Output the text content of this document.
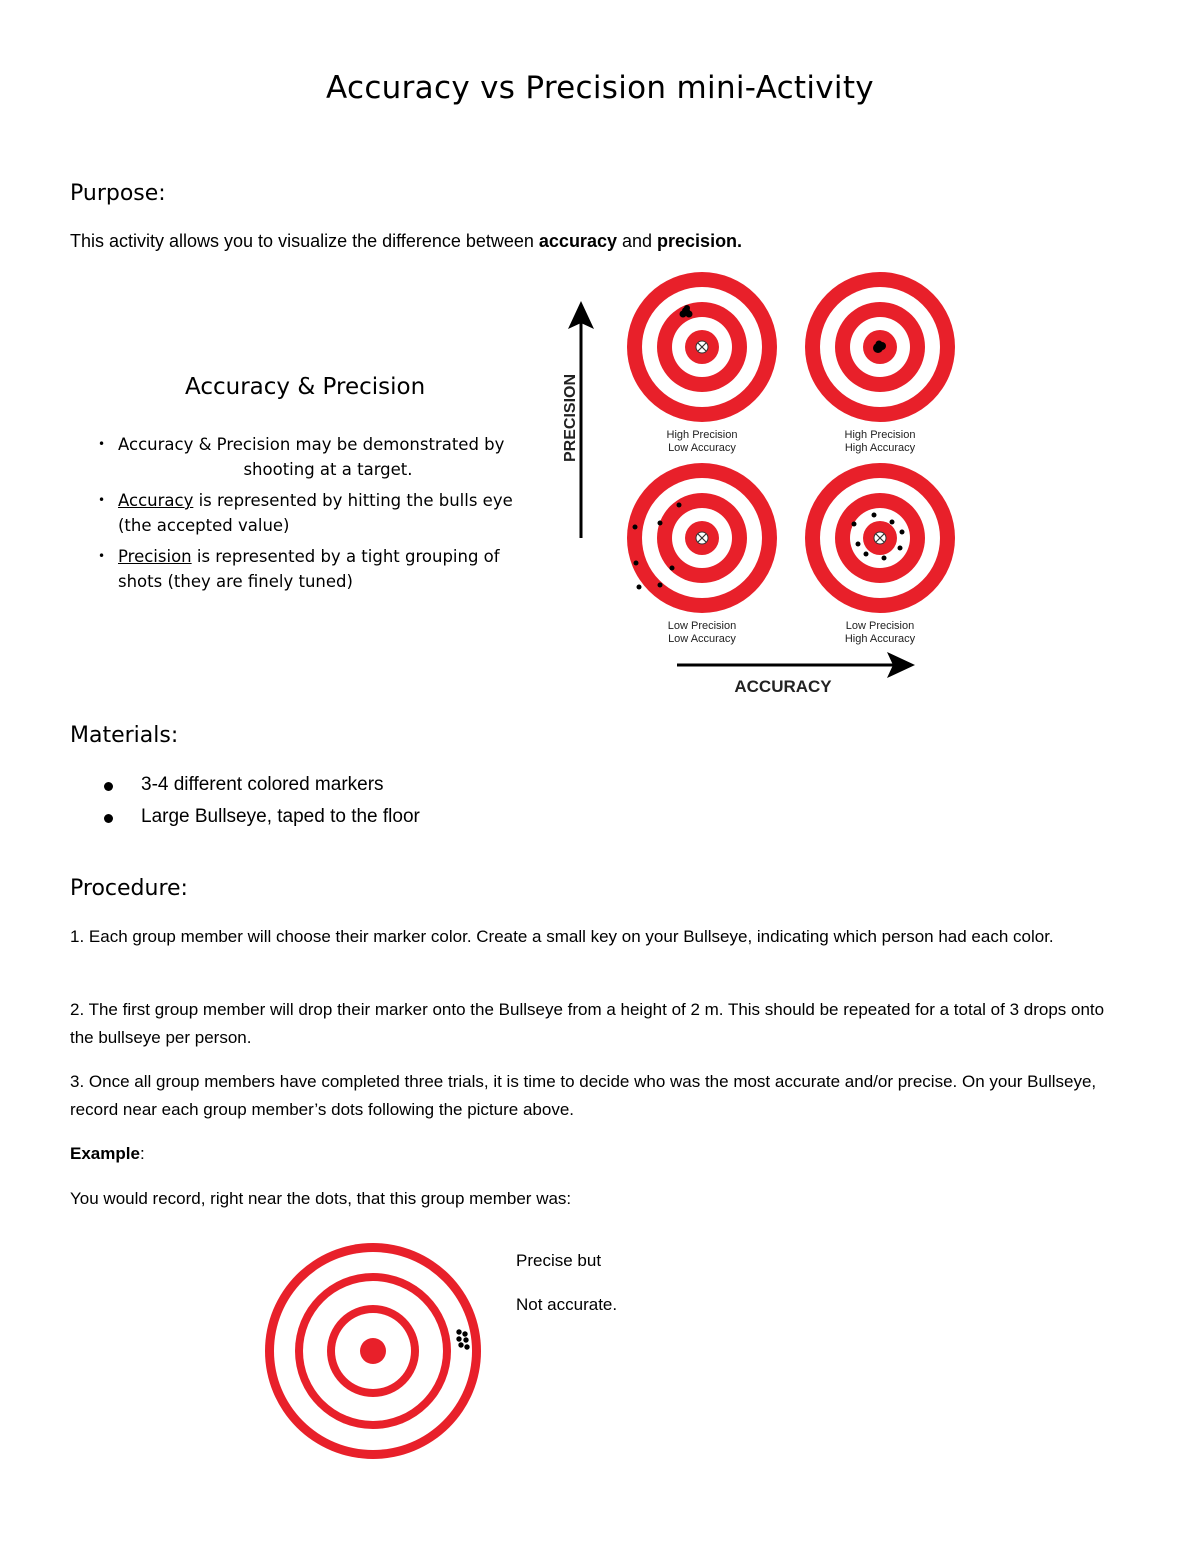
Accuracy vs Precision mini-Activity
Purpose:
This activity allows you to visualize the difference between accuracy and precision.
Accuracy & Precision
• Accuracy & Precision may be demonstrated by
shooting at a target.
• Accuracy is represented by hitting the bulls eye (the accepted value)
• Precision is represented by a tight grouping of shots (they are finely tuned)
PRECISION
ACCURACY
High Precision
Low Accuracy
High Precision
High Accuracy
Low Precision
Low Accuracy
Low Precision
High Accuracy
Materials:
3-4 different colored markers
Large Bullseye, taped to the floor
Procedure:
1. Each group member will choose their marker color. Create a small key on your Bullseye, indicating which person had each color.
2. The first group member will drop their marker onto the Bullseye from a height of 2 m. This should be repeated for a total of 3 drops onto the bullseye per person.
3. Once all group members have completed three trials, it is time to decide who was the most accurate and/or precise. On your Bullseye, record near each group member’s dots following the picture above.
Example:
You would record, right near the dots, that this group member was:
Precise but
Not accurate.
